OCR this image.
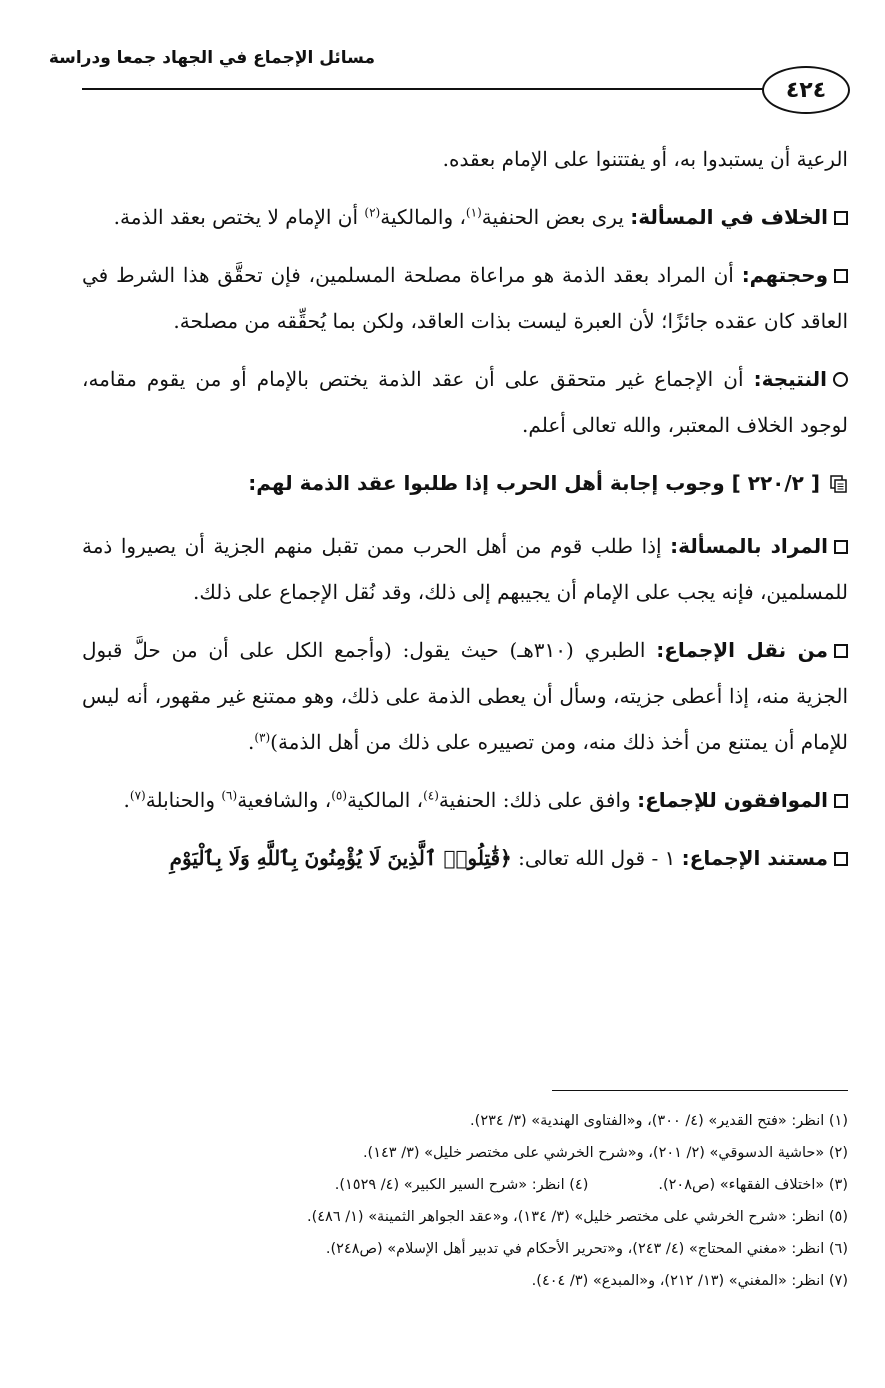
مسائل الإجماع في الجهاد جمعا ودراسة
٤٢٤

الرعية أن يستبدوا به، أو يفتتنوا على الإمام بعقده.

الخلاف في المسألة: يرى بعض الحنفية$^{(١)}$، والمالكية$^{(٢)}$ أن الإمام لا يختص بعقد الذمة.

وحجتهم: أن المراد بعقد الذمة هو مراعاة مصلحة المسلمين، فإن تحقَّق هذا الشرط في العاقد كان عقده جائزًا؛ لأن العبرة ليست بذات العاقد، ولكن بما يُحقِّقه من مصلحة.

النتيجة: أن الإجماع غير متحقق على أن عقد الذمة يختص بالإمام أو من يقوم مقامه، لوجود الخلاف المعتبر، والله تعالى أعلم.

[ ٢٢٠/٢ ] وجوب إجابة أهل الحرب إذا طلبوا عقد الذمة لهم:

المراد بالمسألة: إذا طلب قوم من أهل الحرب ممن تقبل منهم الجزية أن يصيروا ذمة للمسلمين، فإنه يجب على الإمام أن يجيبهم إلى ذلك، وقد نُقل الإجماع على ذلك.

من نقل الإجماع: الطبري (٣١٠هـ) حيث يقول: (وأجمع الكل على أن من حلَّ قبول الجزية منه، إذا أعطى جزيته، وسأل أن يعطى الذمة على ذلك، وهو ممتنع غير مقهور، أنه ليس للإمام أن يمتنع من أخذ ذلك منه، ومن تصييره على ذلك من أهل الذمة)$^{(٣)}$.

الموافقون للإجماع: وافق على ذلك: الحنفية$^{(٤)}$، المالكية$^{(٥)}$، والشافعية$^{(٦)}$ والحنابلة$^{(٧)}$.

مستند الإجماع: ١ - قول الله تعالى: ﴿قَٰتِلُوا۟ ٱلَّذِينَ لَا يُؤْمِنُونَ بِٱللَّهِ وَلَا بِٱلْيَوْمِ

(١) انظر: «فتح القدير» (٤/ ٣٠٠)، و«الفتاوى الهندية» (٣/ ٢٣٤).
(٢) «حاشية الدسوقي» (٢/ ٢٠١)، و«شرح الخرشي على مختصر خليل» (٣/ ١٤٣).
(٣) «اختلاف الفقهاء» (ص٢٠٨).
(٤) انظر: «شرح السير الكبير» (٤/ ١٥٢٩).
(٥) انظر: «شرح الخرشي على مختصر خليل» (٣/ ١٣٤)، و«عقد الجواهر الثمينة» (١/ ٤٨٦).
(٦) انظر: «مغني المحتاج» (٤/ ٢٤٣)، و«تحرير الأحكام في تدبير أهل الإسلام» (ص٢٤٨).
(٧) انظر: «المغني» (١٣/ ٢١٢)، و«المبدع» (٣/ ٤٠٤).
